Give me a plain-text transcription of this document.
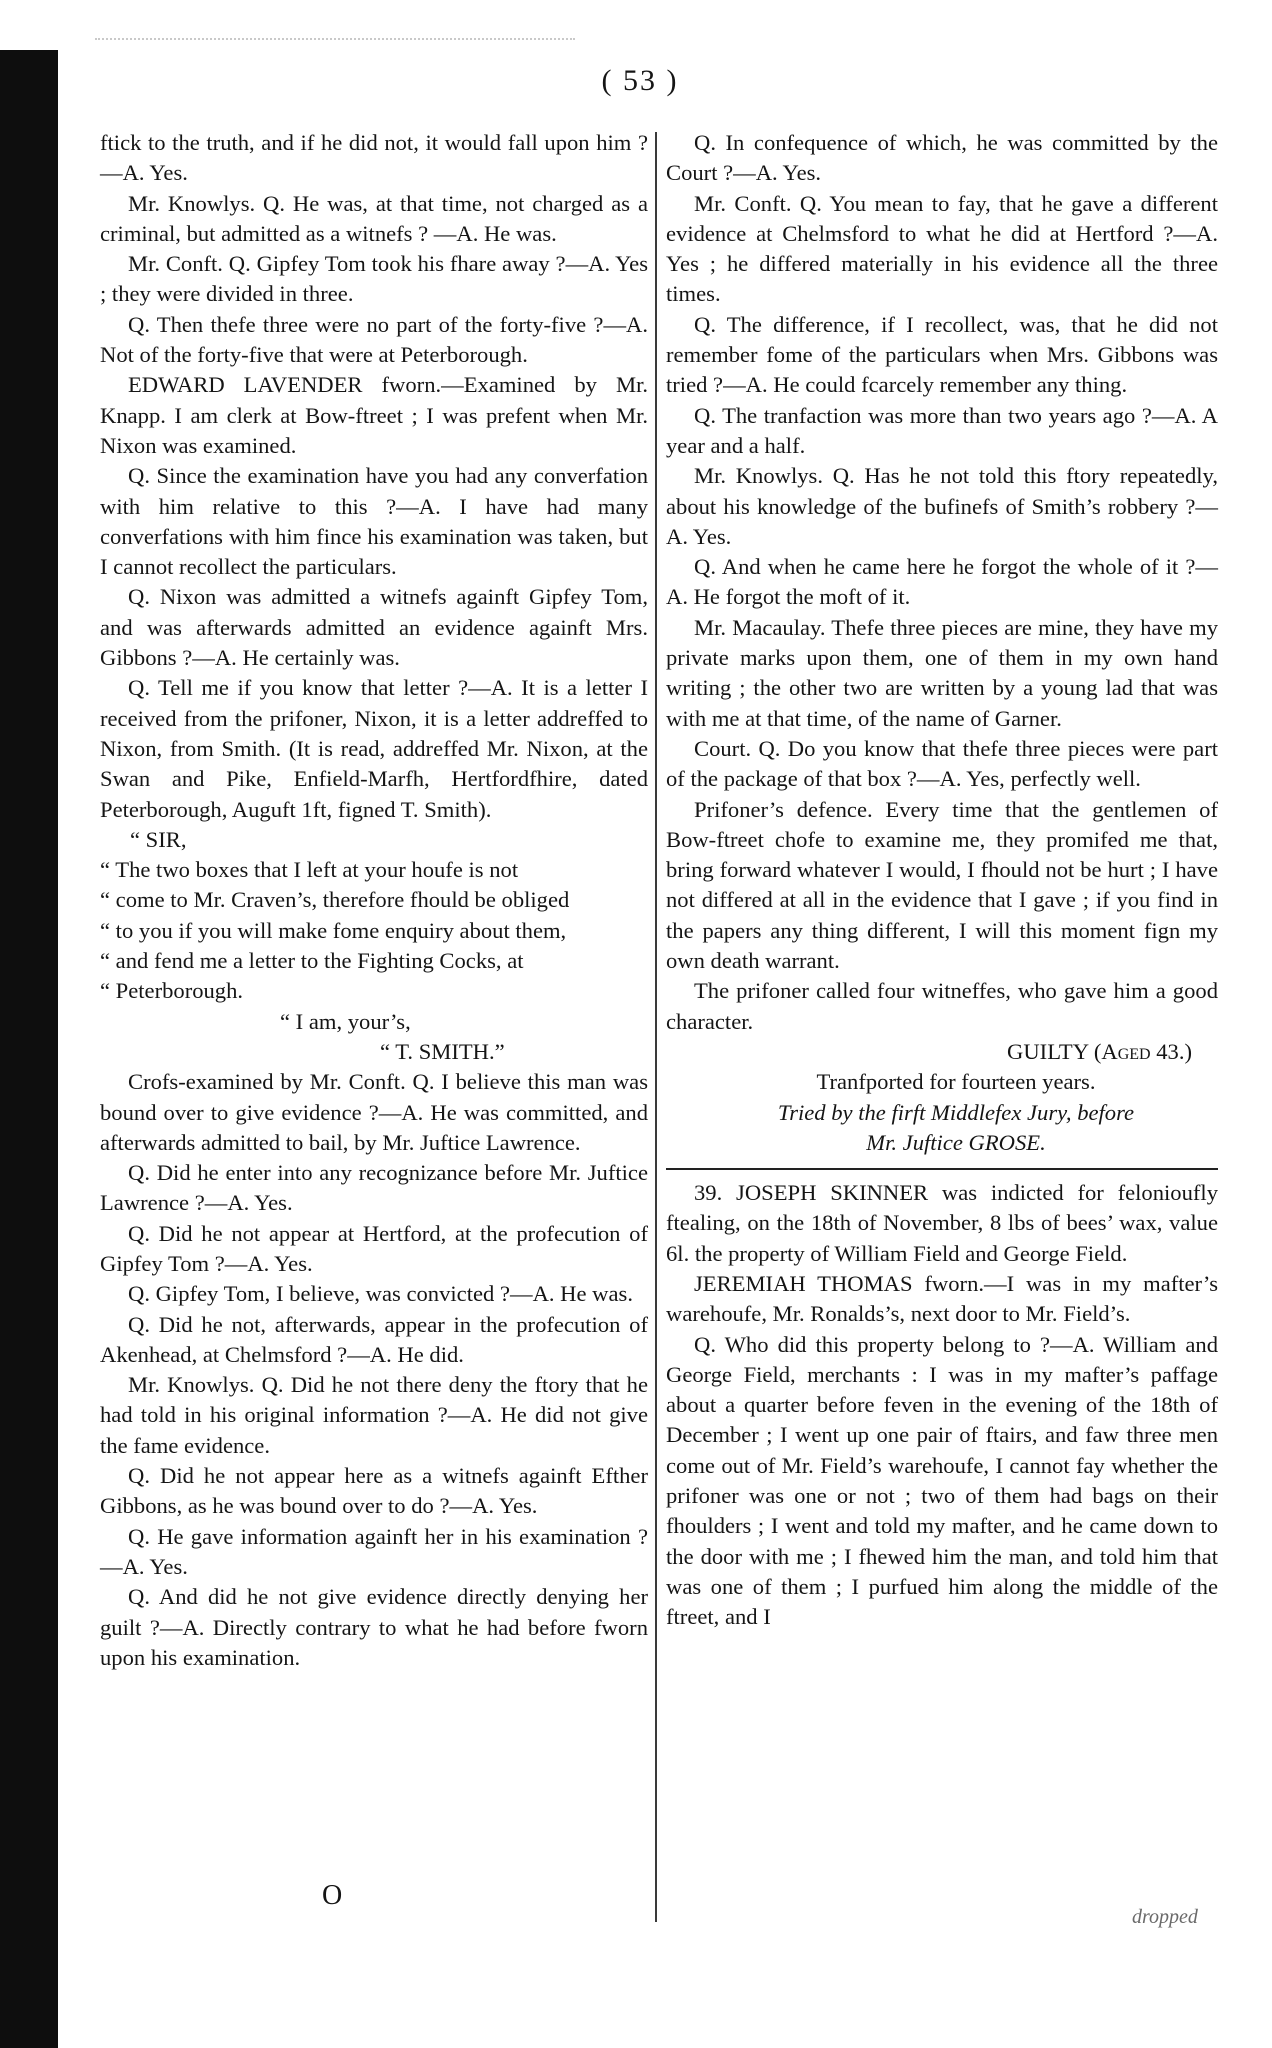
( 53 )

ftick to the truth, and if he did not, it would fall upon him ?—A. Yes.

Mr. Knowlys. Q. He was, at that time, not charged as a criminal, but admitted as a witnefs ? —A. He was.

Mr. Conft. Q. Gipfey Tom took his fhare away ?—A. Yes ; they were divided in three.

Q. Then thefe three were no part of the forty-five ?—A. Not of the forty-five that were at Peterborough.

EDWARD LAVENDER fworn.—Examined by Mr. Knapp. I am clerk at Bow-ftreet ; I was prefent when Mr. Nixon was examined.

Q. Since the examination have you had any converfation with him relative to this ?—A. I have had many converfations with him fince his examination was taken, but I cannot recollect the particulars.

Q. Nixon was admitted a witnefs againft Gipfey Tom, and was afterwards admitted an evidence againft Mrs. Gibbons ?—A. He certainly was.

Q. Tell me if you know that letter ?—A. It is a letter I received from the prifoner, Nixon, it is a letter addreffed to Nixon, from Smith. (It is read, addreffed Mr. Nixon, at the Swan and Pike, Enfield-Marfh, Hertfordfhire, dated Peterborough, Auguft 1ft, figned T. Smith).

“ SIR,

“ The two boxes that I left at your houfe is not

“ come to Mr. Craven’s, therefore fhould be obliged

“ to you if you will make fome enquiry about them,

“ and fend me a letter to the Fighting Cocks, at

“ Peterborough.

“ I am, your’s,

“ T. SMITH.”

Crofs-examined by Mr. Conft. Q. I believe this man was bound over to give evidence ?—A. He was committed, and afterwards admitted to bail, by Mr. Juftice Lawrence.

Q. Did he enter into any recognizance before Mr. Juftice Lawrence ?—A. Yes.

Q. Did he not appear at Hertford, at the profecution of Gipfey Tom ?—A. Yes.

Q. Gipfey Tom, I believe, was convicted ?—A. He was.

Q. Did he not, afterwards, appear in the profecution of Akenhead, at Chelmsford ?—A. He did.

Mr. Knowlys. Q. Did he not there deny the ftory that he had told in his original information ?—A. He did not give the fame evidence.

Q. Did he not appear here as a witnefs againft Efther Gibbons, as he was bound over to do ?—A. Yes.

Q. He gave information againft her in his examination ?—A. Yes.

Q. And did he not give evidence directly denying her guilt ?—A. Directly contrary to what he had before fworn upon his examination.

Q. In confequence of which, he was committed by the Court ?—A. Yes.

Mr. Conft. Q. You mean to fay, that he gave a different evidence at Chelmsford to what he did at Hertford ?—A. Yes ; he differed materially in his evidence all the three times.

Q. The difference, if I recollect, was, that he did not remember fome of the particulars when Mrs. Gibbons was tried ?—A. He could fcarcely remember any thing.

Q. The tranfaction was more than two years ago ?—A. A year and a half.

Mr. Knowlys. Q. Has he not told this ftory repeatedly, about his knowledge of the bufinefs of Smith’s robbery ?—A. Yes.

Q. And when he came here he forgot the whole of it ?—A. He forgot the moft of it.

Mr. Macaulay. Thefe three pieces are mine, they have my private marks upon them, one of them in my own hand writing ; the other two are written by a young lad that was with me at that time, of the name of Garner.

Court. Q. Do you know that thefe three pieces were part of the package of that box ?—A. Yes, perfectly well.

Prifoner’s defence. Every time that the gentlemen of Bow-ftreet chofe to examine me, they promifed me that, bring forward whatever I would, I fhould not be hurt ; I have not differed at all in the evidence that I gave ; if you find in the papers any thing different, I will this moment fign my own death warrant.

The prifoner called four witneffes, who gave him a good character.

GUILTY (Aged 43.)

Tranfported for fourteen years.

Tried by the firft Middlefex Jury, before

Mr. Juftice GROSE.

39. JOSEPH SKINNER was indicted for felonioufly ftealing, on the 18th of November, 8 lbs of bees’ wax, value 6l. the property of William Field and George Field.

JEREMIAH THOMAS fworn.—I was in my mafter’s warehoufe, Mr. Ronalds’s, next door to Mr. Field’s.

Q. Who did this property belong to ?—A. William and George Field, merchants : I was in my mafter’s paffage about a quarter before feven in the evening of the 18th of December ; I went up one pair of ftairs, and faw three men come out of Mr. Field’s warehoufe, I cannot fay whether the prifoner was one or not ; two of them had bags on their fhoulders ; I went and told my mafter, and he came down to the door with me ; I fhewed him the man, and told him that was one of them ; I purfued him along the middle of the ftreet, and I

O
dropped
